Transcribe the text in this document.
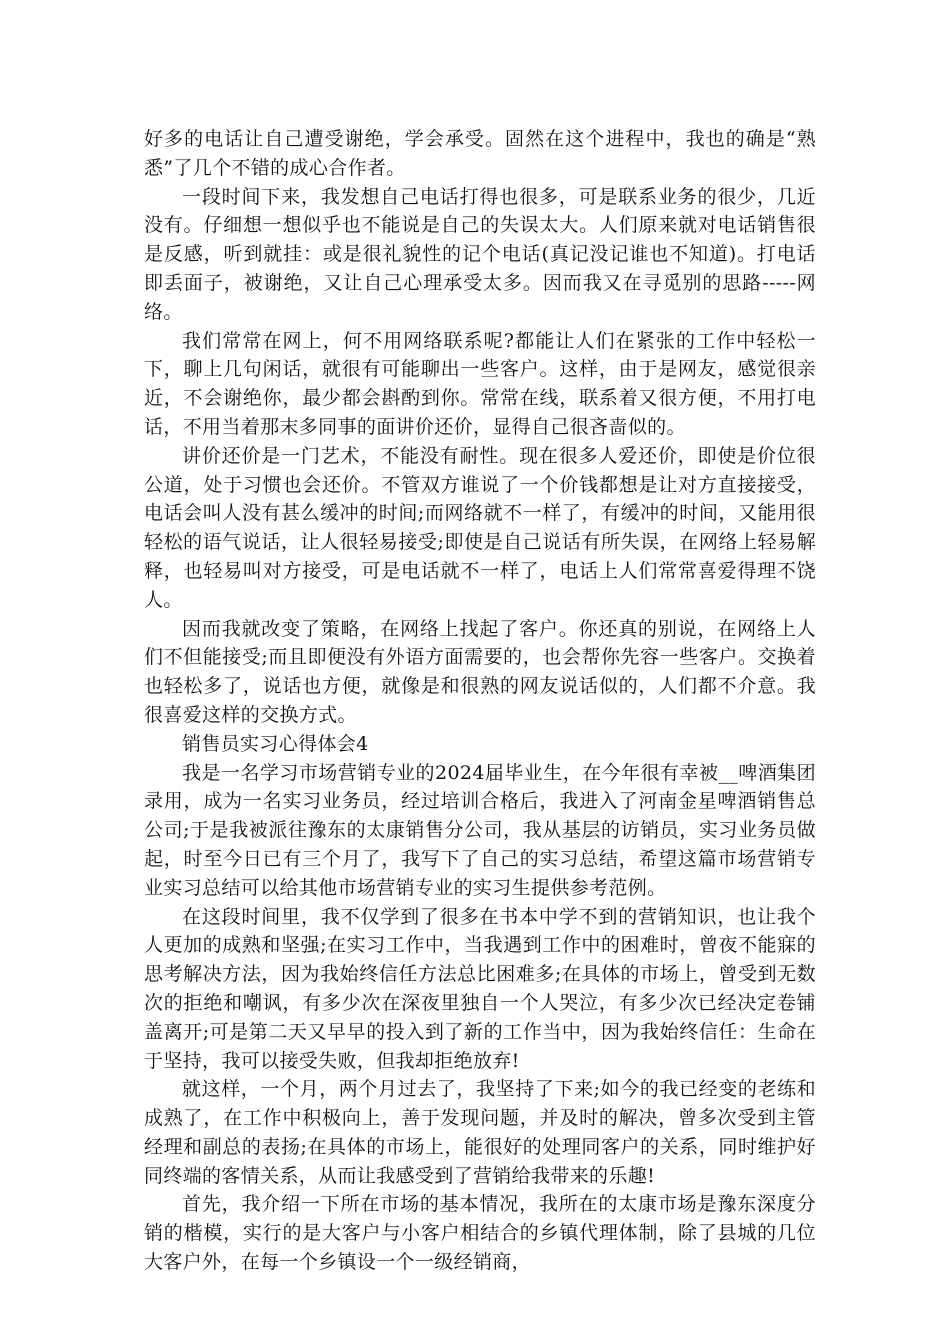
好多的电话让自己遭受谢绝，学会承受。固然在这个进程中，我也的确是“熟悉”了几个不错的成心合作者。

一段时间下来，我发想自己电话打得也很多，可是联系业务的很少，几近没有。仔细想一想似乎也不能说是自己的失误太大。人们原来就对电话销售很是反感，听到就挂：或是很礼貌性的记个电话(真记没记谁也不知道)。打电话即丢面子，被谢绝，又让自己心理承受太多。因而我又在寻觅别的思路-----网络。

我们常常在网上，何不用网络联系呢?都能让人们在紧张的工作中轻松一下，聊上几句闲话，就很有可能聊出一些客户。这样，由于是网友，感觉很亲近，不会谢绝你，最少都会斟酌到你。常常在线，联系着又很方便，不用打电话，不用当着那末多同事的面讲价还价，显得自己很吝啬似的。

讲价还价是一门艺术，不能没有耐性。现在很多人爱还价，即使是价位很公道，处于习惯也会还价。不管双方谁说了一个价钱都想是让对方直接接受，电话会叫人没有甚么缓冲的时间;而网络就不一样了，有缓冲的时间，又能用很轻松的语气说话，让人很轻易接受;即使是自己说话有所失误，在网络上轻易解释，也轻易叫对方接受，可是电话就不一样了，电话上人们常常喜爱得理不饶人。

因而我就改变了策略，在网络上找起了客户。你还真的别说，在网络上人们不但能接受;而且即便没有外语方面需要的，也会帮你先容一些客户。交换着也轻松多了，说话也方便，就像是和很熟的网友说话似的，人们都不介意。我很喜爱这样的交换方式。

销售员实习心得体会4

我是一名学习市场营销专业的2024届毕业生，在今年很有幸被__啤酒集团录用，成为一名实习业务员，经过培训合格后，我进入了河南金星啤酒销售总公司;于是我被派往豫东的太康销售分公司，我从基层的访销员，实习业务员做起，时至今日已有三个月了，我写下了自己的实习总结，希望这篇市场营销专业实习总结可以给其他市场营销专业的实习生提供参考范例。

在这段时间里，我不仅学到了很多在书本中学不到的营销知识，也让我个人更加的成熟和坚强;在实习工作中，当我遇到工作中的困难时，曾夜不能寐的思考解决方法，因为我始终信任方法总比困难多;在具体的市场上，曾受到无数次的拒绝和嘲讽，有多少次在深夜里独自一个人哭泣，有多少次已经决定卷铺盖离开;可是第二天又早早的投入到了新的工作当中，因为我始终信任：生命在于坚持，我可以接受失败，但我却拒绝放弃!

就这样，一个月，两个月过去了，我坚持了下来;如今的我已经变的老练和成熟了，在工作中积极向上，善于发现问题，并及时的解决，曾多次受到主管经理和副总的表扬;在具体的市场上，能很好的处理同客户的关系，同时维护好同终端的客情关系，从而让我感受到了营销给我带来的乐趣!

首先，我介绍一下所在市场的基本情况，我所在的太康市场是豫东深度分销的楷模，实行的是大客户与小客户相结合的乡镇代理体制，除了县城的几位大客户外，在每一个乡镇设一个一级经销商，
